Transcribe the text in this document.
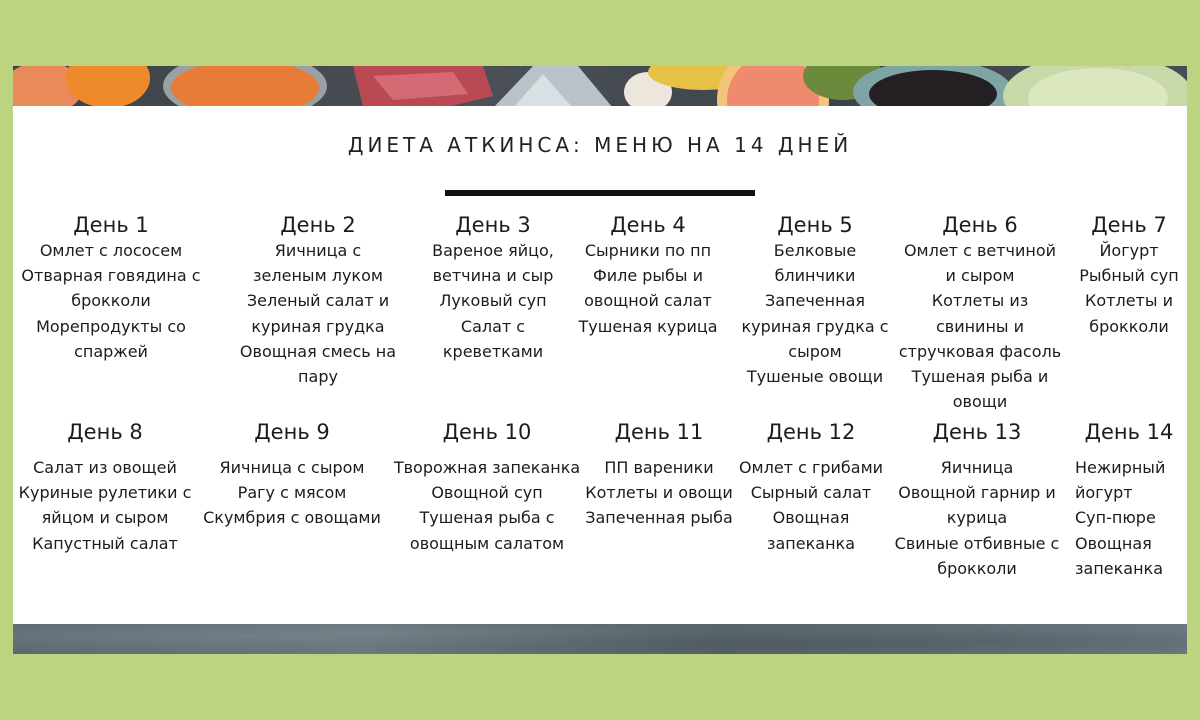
ДИЕТА АТКИНСА: МЕНЮ НА 14 ДНЕЙ
День 1
Омлет с лососем
Отварная говядина с
брокколи
Морепродукты со
спаржей
День 2
Яичница с
зеленым луком
Зеленый салат и
куриная грудка
Овощная смесь на
пару
День 3
Вареное яйцо,
ветчина и сыр
Луковый суп
Салат с
креветками
День 4
Сырники по пп
Филе рыбы и
овощной салат
Тушеная курица
День 5
Белковые
блинчики
Запеченная
куриная грудка с
сыром
Тушеные овощи
День 6
Омлет с ветчиной
и сыром
Котлеты из
свинины и
стручковая фасоль
Тушеная рыба и
овощи
День 7
Йогурт
Рыбный суп
Котлеты и
брокколи
День 8
Салат из овощей
Куриные рулетики с
яйцом и сыром
Капустный салат
День 9
Яичница с сыром
Рагу с мясом
Скумбрия с овощами
День 10
Творожная запеканка
Овощной суп
Тушеная рыба с
овощным салатом
День 11
ПП вареники
Котлеты и овощи
Запеченная рыба
День 12
Омлет с грибами
Сырный салат
Овощная
запеканка
День 13
Яичница
Овощной гарнир и
курица
Свиные отбивные с
брокколи
День 14
Нежирный
йогурт
Суп-пюре
Овощная
запеканка
